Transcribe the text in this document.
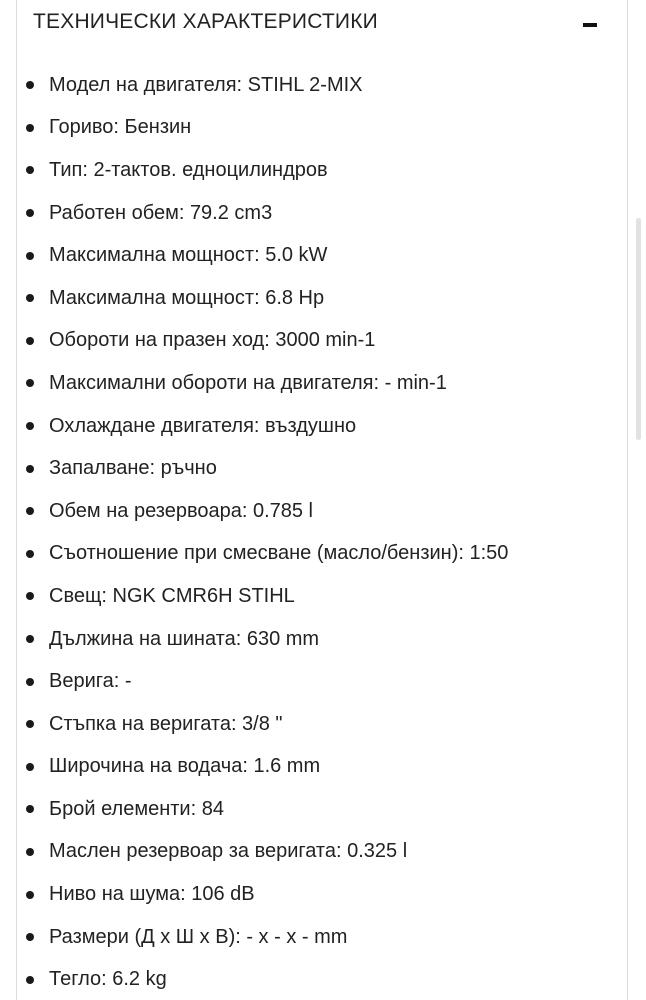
ТЕХНИЧЕСКИ ХАРАКТЕРИСТИКИ
Модел на двигателя: STIHL 2-MIX
Гориво: Бензин
Тип: 2-тактов. едноцилиндров
Работен обем: 79.2 cm3
Максимална мощност: 5.0 kW
Максимална мощност: 6.8 Hp
Обороти на празен ход: 3000 min-1
Максимални обороти на двигателя: - min-1
Охлаждане двигателя: въздушно
Запалване: ръчно
Обем на резервоара: 0.785 l
Съотношение при смесване (масло/бензин): 1:50
Свещ: NGK CMR6H STIHL
Дължина на шината: 630 mm
Верига: -
Стъпка на веригата: 3/8 "
Широчина на водача: 1.6 mm
Брой елементи: 84
Маслен резервоар за веригата: 0.325 l
Ниво на шума: 106 dB
Размери (Д х Ш х В): - х - х - mm
Тегло: 6.2 kg
